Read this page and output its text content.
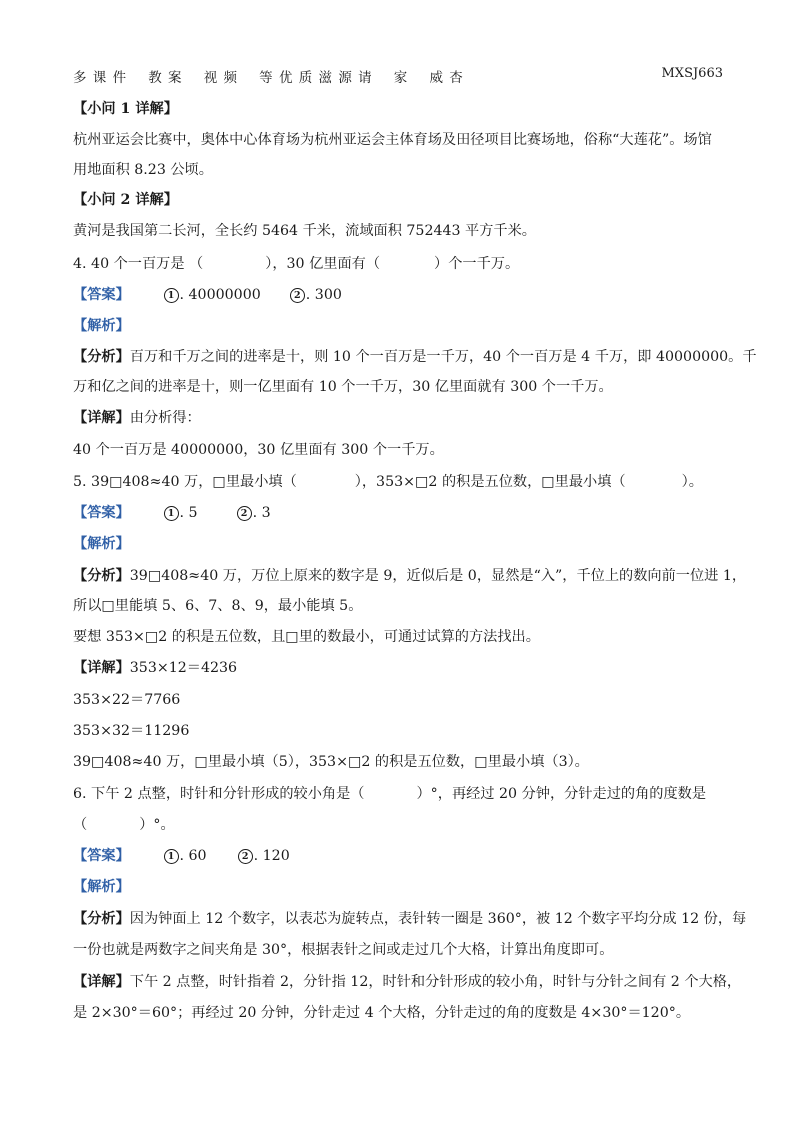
多 课 件    教 案    视 频    等 优 质 滋 源 请    家    威 杏	MXSJ663
【小问 1 详解】
杭州亚运会比赛中，奥体中心体育场为杭州亚运会主体育场及田径项目比赛场地，俗称“大莲花”。场馆
用地面积 8.23 公顷。
【小问 2 详解】
黄河是我国第二长河，全长约 5464 千米，流域面积 752443 平方千米。
4. 40 个一百万是 （	），30 亿里面有（	）个一千万。
【答案】	1 . 40000000	2 . 300
【解析】
【分析】百万和千万之间的进率是十，则 10 个一百万是一千万，40 个一百万是 4 千万，即 40000000。千
万和亿之间的进率是十，则一亿里面有 10 个一千万，30 亿里面就有 300 个一千万。
【详解】由分析得：
40 个一百万是 40000000，30 亿里面有 300 个一千万。
5. 39□408≈40 万，□里最小填（	），353×□2 的积是五位数，□里最小填（	）。
【答案】	1 . 5	2 . 3
【解析】
【分析】39□408≈40 万，万位上原来的数字是 9，近似后是 0，显然是“入”，千位上的数向前一位进 1，
所以□里能填 5、6、7、8、9，最小能填 5。
要想 353×□2 的积是五位数，且□里的数最小，可通过试算的方法找出。
【详解】353×12＝4236
353×22＝7766
353×32＝11296
39□408≈40 万，□里最小填（5），353×□2 的积是五位数，□里最小填（3）。
6. 下午 2 点整，时针和分针形成的较小角是（	）°，再经过 20 分钟，分针走过的角的度数是
（	）°。
【答案】	1 . 60	2 . 120
【解析】
【分析】因为钟面上 12 个数字，以表芯为旋转点，表针转一圈是 360°，被 12 个数字平均分成 12 份，每
一份也就是两数字之间夹角是 30°，根据表针之间或走过几个大格，计算出角度即可。
【详解】下午 2 点整，时针指着 2，分针指 12，时针和分针形成的较小角，时针与分针之间有 2 个大格，
是 2×30°＝60°；再经过 20 分钟，分针走过 4 个大格，分针走过的角的度数是 4×30°＝120°。
